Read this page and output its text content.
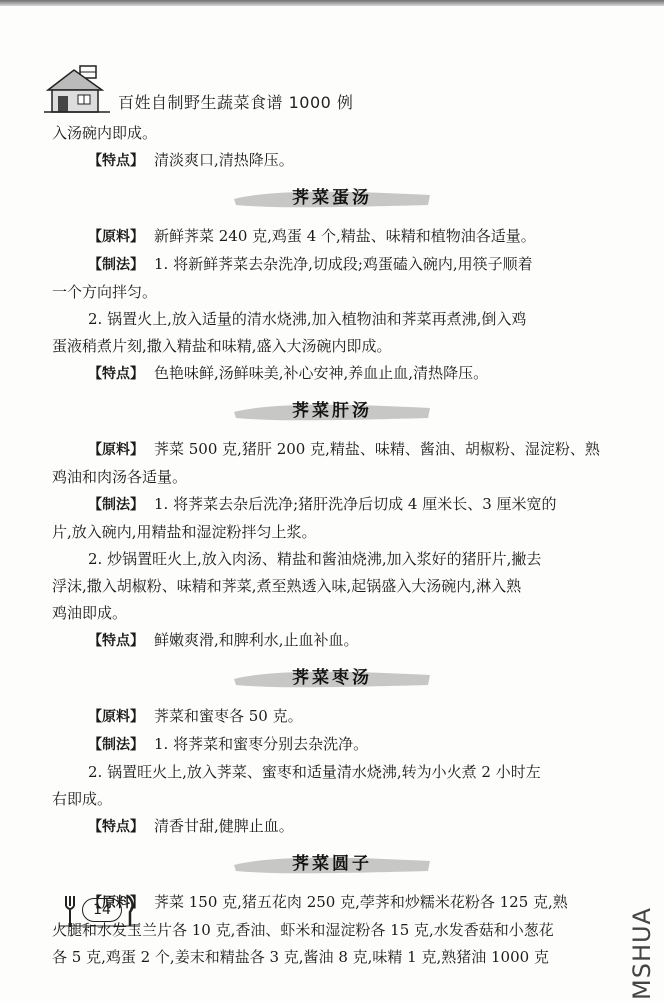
百姓自制野生蔬菜食谱 1000 例

入汤碗内即成。

【 特点 】 清淡爽口,清热降压。

荠菜蛋汤

【 原料 】 新鲜荠菜 240 克,鸡蛋 4 个,精盐、味精和植物油各适量。

【 制法 】 1. 将新鲜荠菜去杂洗净,切成段;鸡蛋磕入碗内,用筷子顺着

一个方向拌匀。

2. 锅置火上,放入适量的清水烧沸,加入植物油和荠菜再煮沸,倒入鸡

蛋液稍煮片刻,撒入精盐和味精,盛入大汤碗内即成。

【 特点 】 色艳味鲜,汤鲜味美,补心安神,养血止血,清热降压。

荠菜肝汤

【 原料 】 荠菜 500 克,猪肝 200 克,精盐、味精、酱油、胡椒粉、湿淀粉、熟

鸡油和肉汤各适量。

【 制法 】 1. 将荠菜去杂后洗净;猪肝洗净后切成 4 厘米长、3 厘米宽的

片,放入碗内,用精盐和湿淀粉拌匀上浆。

2. 炒锅置旺火上,放入肉汤、精盐和酱油烧沸,加入浆好的猪肝片,撇去

浮沫,撒入胡椒粉、味精和荠菜,煮至熟透入味,起锅盛入大汤碗内,淋入熟

鸡油即成。

【 特点 】 鲜嫩爽滑,和脾利水,止血补血。

荠菜枣汤

【 原料 】 荠菜和蜜枣各 50 克。

【 制法 】 1. 将荠菜和蜜枣分别去杂洗净。

2. 锅置旺火上,放入荠菜、蜜枣和适量清水烧沸,转为小火煮 2 小时左

右即成。

【 特点 】 清香甘甜,健脾止血。

荠菜圆子

【 原料 】 荠菜 150 克,猪五花肉 250 克,荸荠和炒糯米花粉各 125 克,熟

火腿和水发玉兰片各 10 克,香油、虾米和湿淀粉各 15 克,水发香菇和小葱花

各 5 克,鸡蛋 2 个,姜末和精盐各 3 克,酱油 8 克,味精 1 克,熟猪油 1000 克

14	MSHUA
